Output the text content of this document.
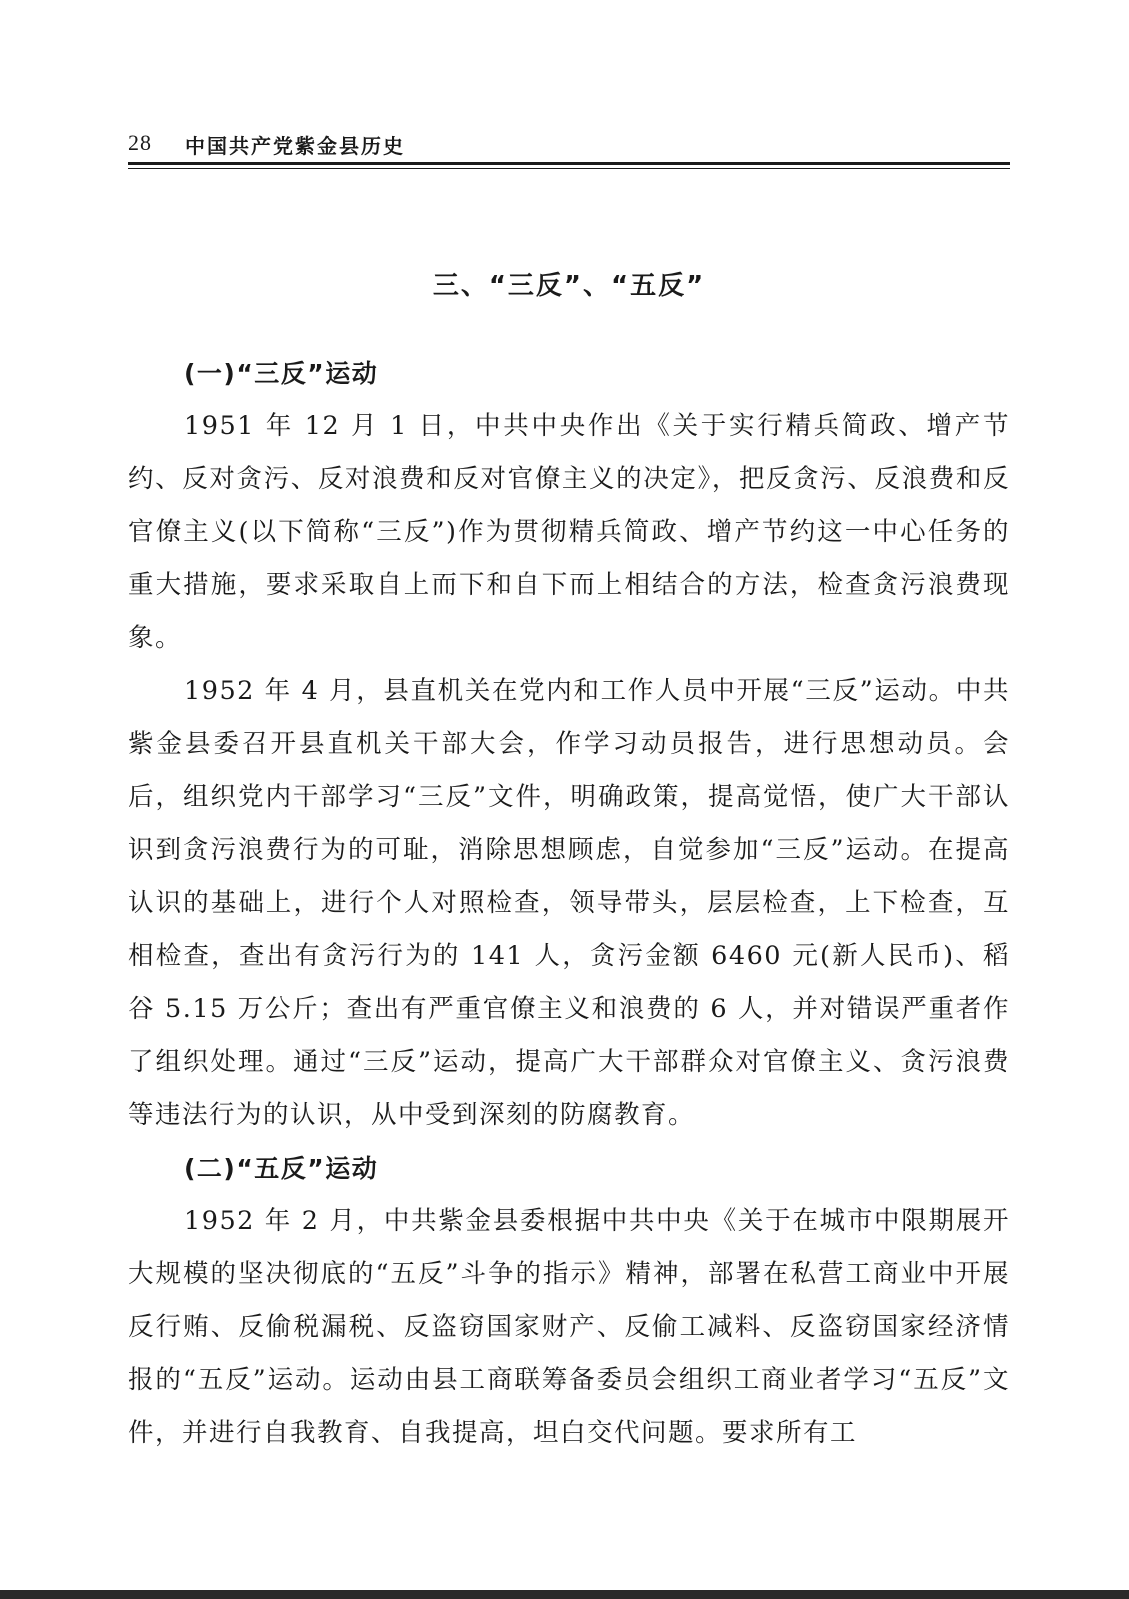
28 中国共产党紫金县历史
三、“三反”、“五反”

(一)“三反”运动

1951 年 12 月 1 日，中共中央作出《关于实行精兵简政、增产节约、反对贪污、反对浪费和反对官僚主义的决定》，把反贪污、反浪费和反官僚主义(以下简称“三反”)作为贯彻精兵简政、增产节约这一中心任务的重大措施，要求采取自上而下和自下而上相结合的方法，检查贪污浪费现象。

1952 年 4 月，县直机关在党内和工作人员中开展“三反”运动。中共紫金县委召开县直机关干部大会，作学习动员报告，进行思想动员。会后，组织党内干部学习“三反”文件，明确政策，提高觉悟，使广大干部认识到贪污浪费行为的可耻，消除思想顾虑，自觉参加“三反”运动。在提高认识的基础上，进行个人对照检查，领导带头，层层检查，上下检查，互相检查，查出有贪污行为的 141 人，贪污金额 6460 元(新人民币)、稻谷 5.15 万公斤；查出有严重官僚主义和浪费的 6 人，并对错误严重者作了组织处理。通过“三反”运动，提高广大干部群众对官僚主义、贪污浪费等违法行为的认识，从中受到深刻的防腐教育。

(二)“五反”运动

1952 年 2 月，中共紫金县委根据中共中央《关于在城市中限期展开大规模的坚决彻底的“五反”斗争的指示》精神，部署在私营工商业中开展反行贿、反偷税漏税、反盗窃国家财产、反偷工减料、反盗窃国家经济情报的“五反”运动。运动由县工商联筹备委员会组织工商业者学习“五反”文件，并进行自我教育、自我提高，坦白交代问题。要求所有工
